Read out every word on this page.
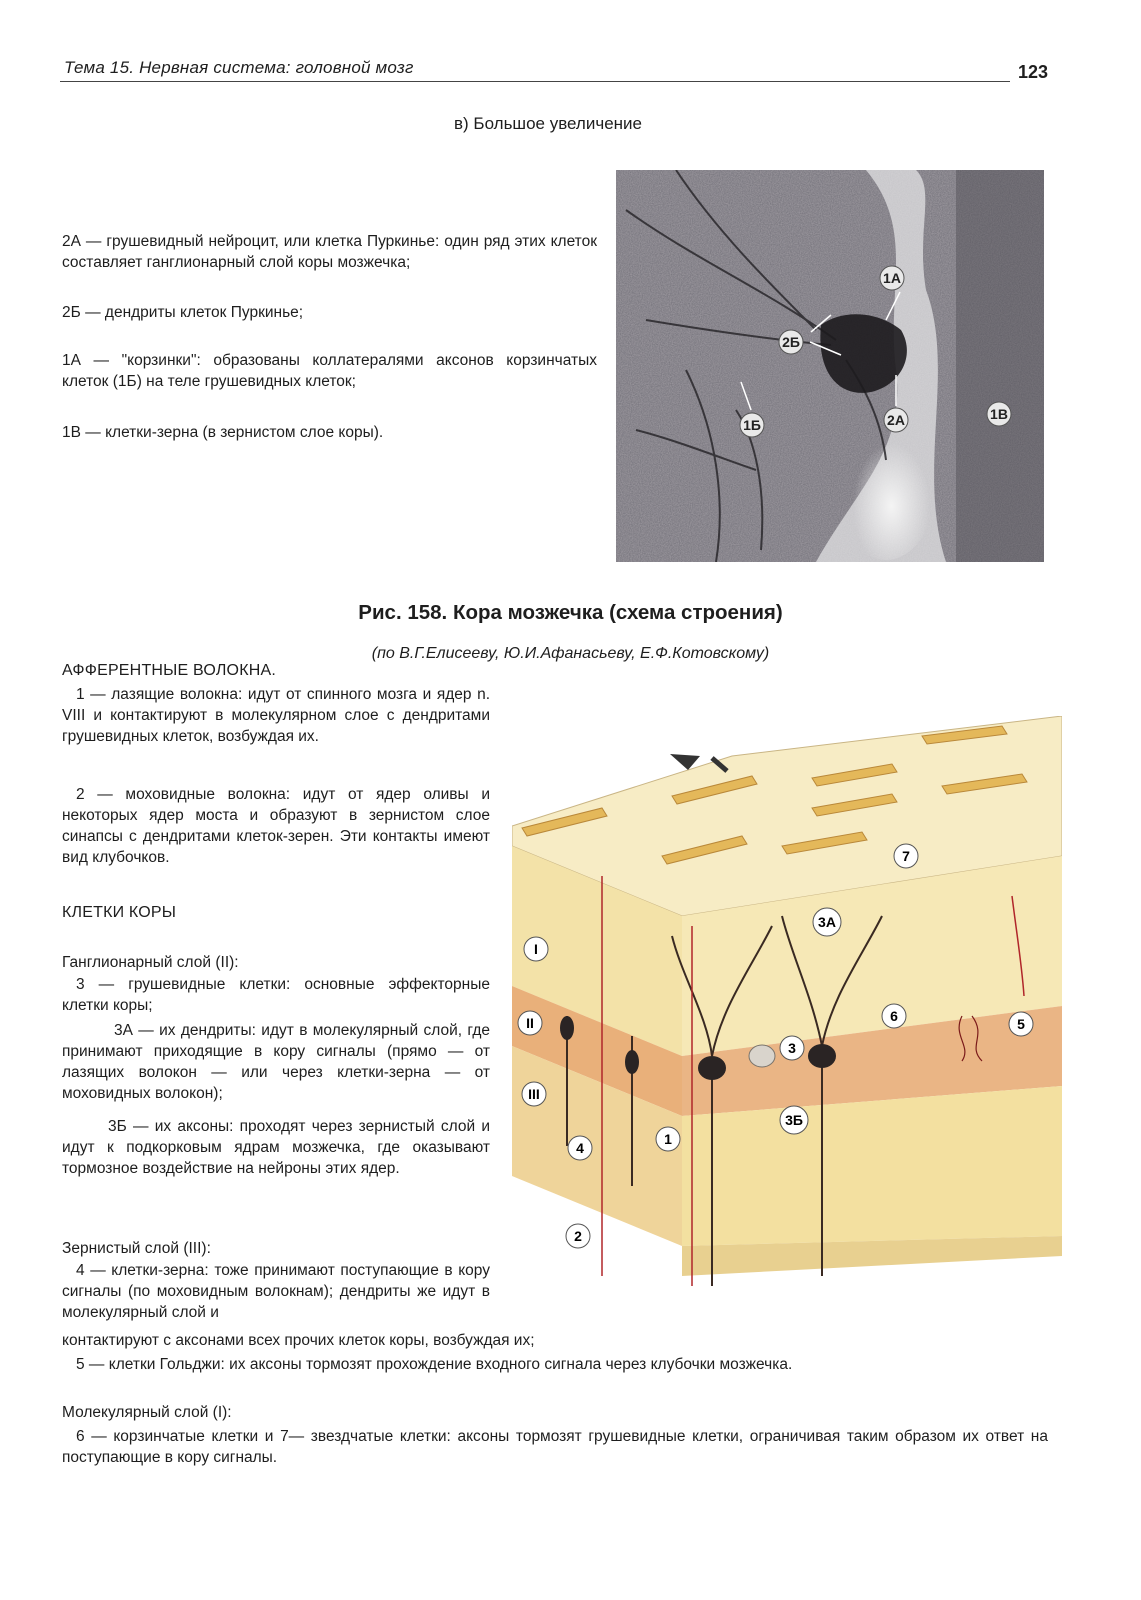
Тема 15. Нервная система: головной мозг	123
в) Большое увеличение
2А — грушевидный нейроцит, или клетка Пуркинье: один ряд этих клеток составляет ганглионарный слой коры мозжечка;
2Б — дендриты клеток Пуркинье;
1А — "корзинки": образованы коллатералями аксонов корзинчатых клеток (1Б) на теле грушевидных клеток;
1В — клетки-зерна (в зернистом слое коры).
1А
2Б
1Б	2А	1В
Рис. 158. Кора мозжечка (схема строения)
(по В.Г.Елисееву, Ю.И.Афанасьеву, Е.Ф.Котовскому)
АФФЕРЕНТНЫЕ ВОЛОКНА.
1 — лазящие волокна: идут от спинного мозга и ядер n. VIII и контактируют в молекулярном слое с дендритами грушевидных клеток, возбуждая их.
2 — моховидные волокна: идут от ядер оливы и некоторых ядер моста и образуют в зернистом слое синапсы с дендритами клеток-зерен. Эти контакты имеют вид клубочков.
КЛЕТКИ КОРЫ
Ганглионарный слой (II):
3 — грушевидные клетки: основные эффекторные клетки коры;
3А — их дендриты: идут в молекулярный слой, где принимают приходящие в кору сигналы (прямо — от лазящих волокон — или через клетки-зерна — от моховидных волокон);
3Б — их аксоны: проходят через зернистый слой и идут к подкорковым ядрам мозжечка, где оказывают тормозное воздействие на нейроны этих ядер.
Зернистый слой (III):
4 — клетки-зерна: тоже принимают поступающие в кору сигналы (по моховидным волокнам); дендриты же идут в молекулярный слой и
контактируют с аксонами всех прочих клеток коры, возбуждая их;
5 — клетки Гольджи: их аксоны тормозят прохождение входного сигнала через клубочки мозжечка.
Молекулярный слой (I):
6 — корзинчатые клетки и 7— звездчатые клетки: аксоны тормозят грушевидные клетки, ограничивая таким образом их ответ на поступающие в кору сигналы.
I
II
III
4
2
1
3А
3
3Б
6	5
7
